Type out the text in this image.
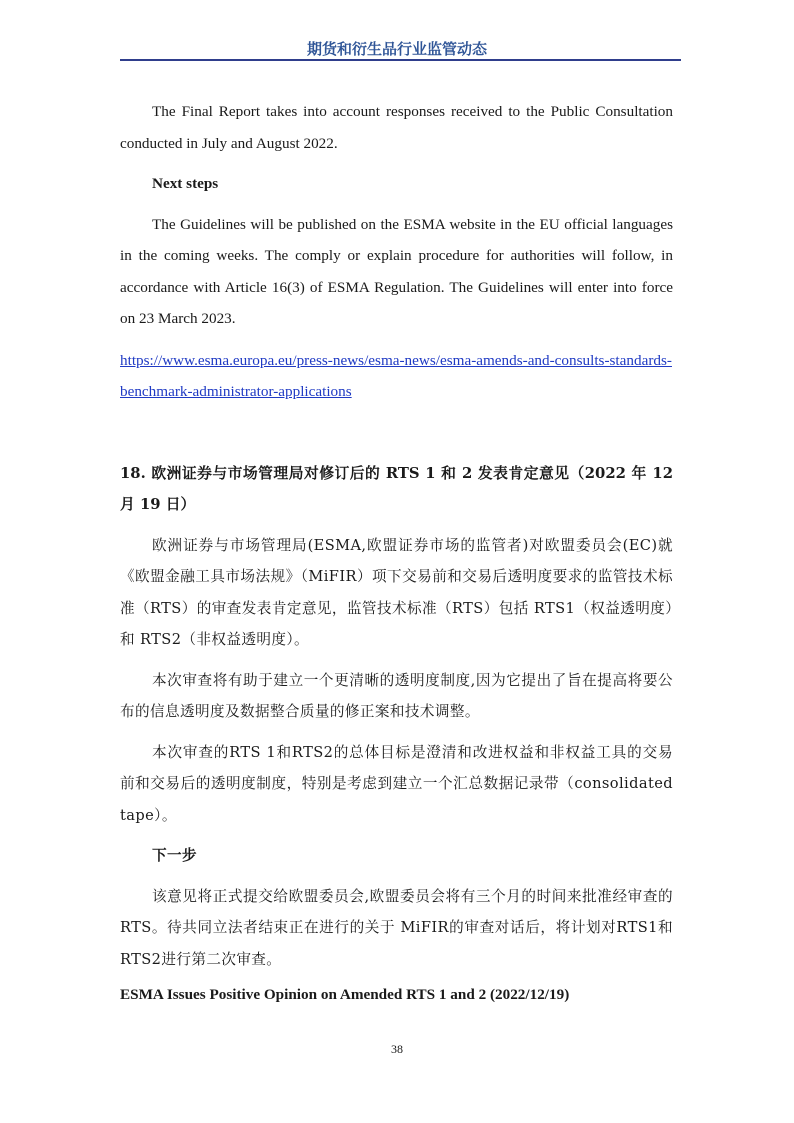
期货和衍生品行业监管动态

The Final Report takes into account responses received to the Public Consultation conducted in July and August 2022.

Next steps

The Guidelines will be published on the ESMA website in the EU official languages in the coming weeks. The comply or explain procedure for authorities will follow, in accordance with Article 16(3) of ESMA Regulation. The Guidelines will enter into force on 23 March 2023.

https://www.esma.europa.eu/press-news/esma-news/esma-amends-and-consults-standards-benchmark-administrator-applications

18. 欧洲证券与市场管理局对修订后的 RTS 1 和 2 发表肯定意见（2022 年 12 月 19 日）

欧洲证券与市场管理局(ESMA,欧盟证券市场的监管者)对欧盟委员会(EC)就《欧盟金融工具市场法规》（MiFIR）项下交易前和交易后透明度要求的监管技术标准（RTS）的审查发表肯定意见，监管技术标准（RTS）包括 RTS1（权益透明度）和 RTS2（非权益透明度）。

本次审查将有助于建立一个更清晰的透明度制度,因为它提出了旨在提高将要公布的信息透明度及数据整合质量的修正案和技术调整。

本次审查的RTS 1和RTS2的总体目标是澄清和改进权益和非权益工具的交易前和交易后的透明度制度，特别是考虑到建立一个汇总数据记录带（consolidated tape）。

下一步

该意见将正式提交给欧盟委员会,欧盟委员会将有三个月的时间来批准经审查的RTS。待共同立法者结束正在进行的关于 MiFIR的审查对话后，将计划对RTS1和RTS2进行第二次审查。

ESMA Issues Positive Opinion on Amended RTS 1 and 2 (2022/12/19)

38
